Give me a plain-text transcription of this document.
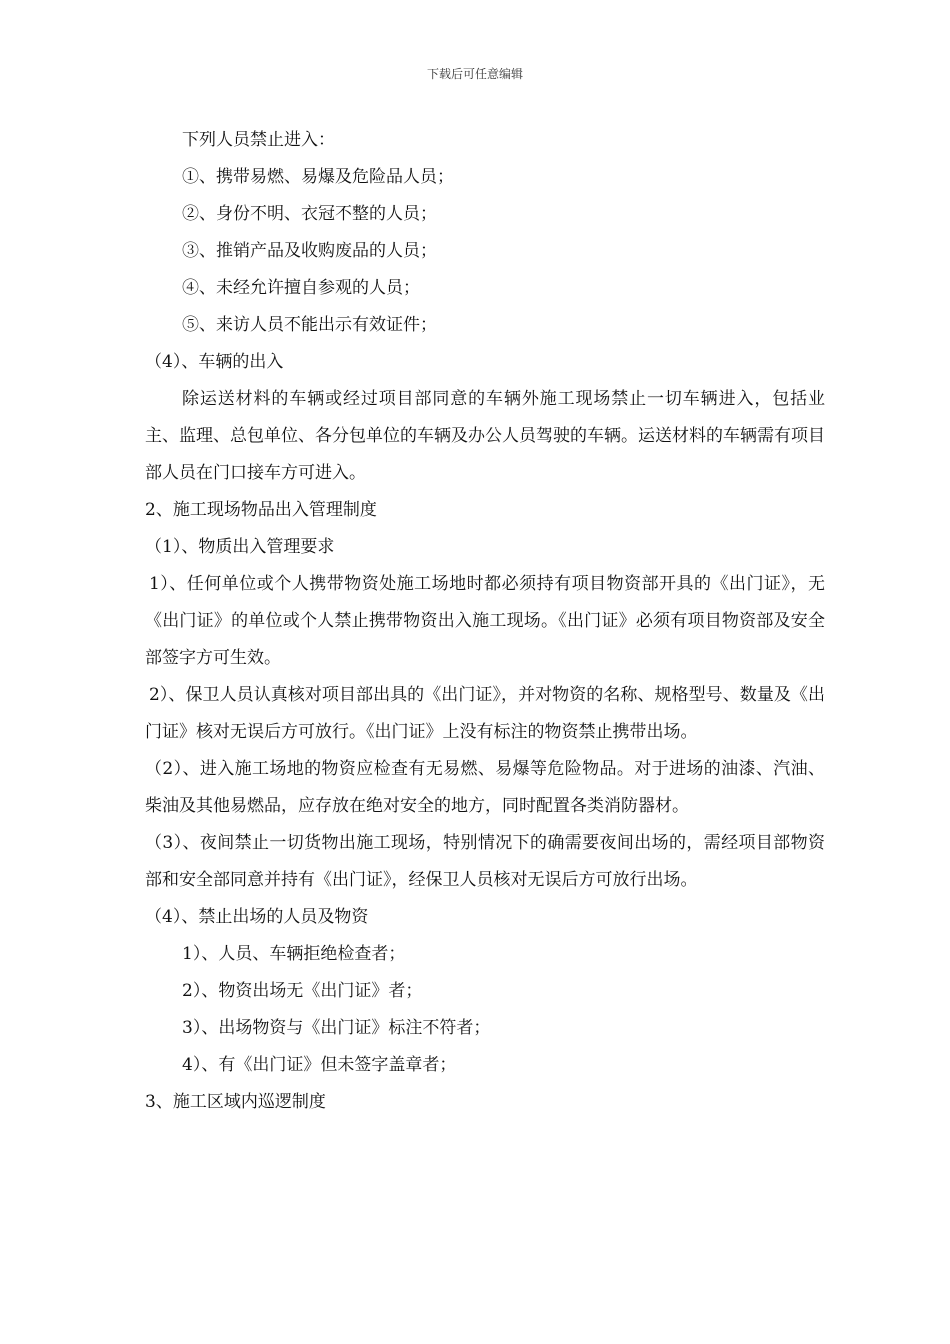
下载后可任意编辑

下列人员禁止进入：

①、携带易燃、易爆及危险品人员；

②、身份不明、衣冠不整的人员；

③、推销产品及收购废品的人员；

④、未经允许擅自参观的人员；

⑤、来访人员不能出示有效证件；

（4）、车辆的出入

除运送材料的车辆或经过项目部同意的车辆外施工现场禁止一切车辆进入，包括业主、监理、总包单位、各分包单位的车辆及办公人员驾驶的车辆。运送材料的车辆需有项目部人员在门口接车方可进入。

2、施工现场物品出入管理制度

（1）、物质出入管理要求

1）、任何单位或个人携带物资处施工场地时都必须持有项目物资部开具的《出门证》，无《出门证》的单位或个人禁止携带物资出入施工现场。《出门证》必须有项目物资部及安全部签字方可生效。

2）、保卫人员认真核对项目部出具的《出门证》，并对物资的名称、规格型号、数量及《出门证》核对无误后方可放行。《出门证》上没有标注的物资禁止携带出场。

（2）、进入施工场地的物资应检查有无易燃、易爆等危险物品。对于进场的油漆、汽油、柴油及其他易燃品，应存放在绝对安全的地方，同时配置各类消防器材。

（3）、夜间禁止一切货物出施工现场，特别情况下的确需要夜间出场的，需经项目部物资部和安全部同意并持有《出门证》，经保卫人员核对无误后方可放行出场。

（4）、禁止出场的人员及物资

1）、人员、车辆拒绝检查者；

2）、物资出场无《出门证》者；

3）、出场物资与《出门证》标注不符者；

4）、有《出门证》但未签字盖章者；

3、施工区域内巡逻制度
